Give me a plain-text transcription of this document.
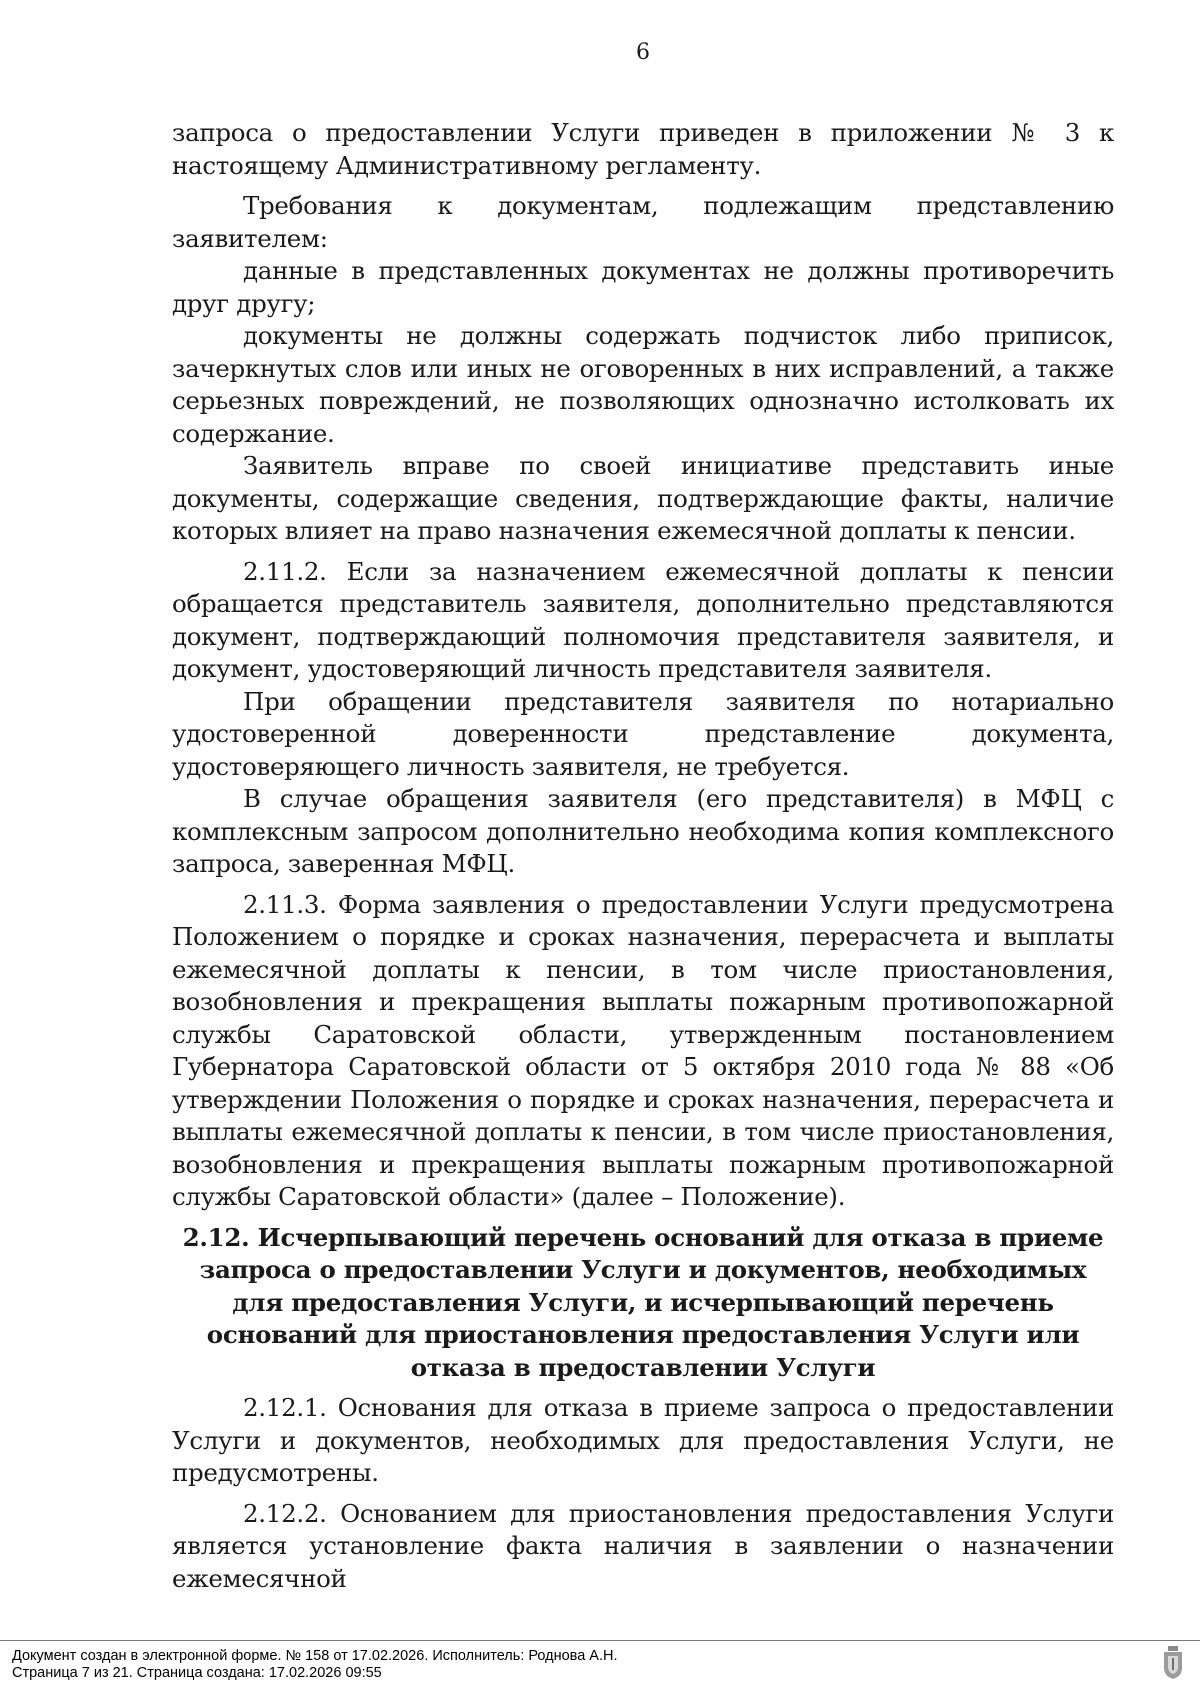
6

запроса о предоставлении Услуги приведен в приложении № 3 к настоящему Административному регламенту.

Требования к документам, подлежащим представлению заявителем:

данные в представленных документах не должны противоречить друг другу;

документы не должны содержать подчисток либо приписок, зачеркнутых слов или иных не оговоренных в них исправлений, а также серьезных повреждений, не позволяющих однозначно истолковать их содержание.

Заявитель вправе по своей инициативе представить иные документы, содержащие сведения, подтверждающие факты, наличие которых влияет на право назначения ежемесячной доплаты к пенсии.

2.11.2. Если за назначением ежемесячной доплаты к пенсии обращается представитель заявителя, дополнительно представляются документ, подтверждающий полномочия представителя заявителя, и документ, удостоверяющий личность представителя заявителя.

При обращении представителя заявителя по нотариально удостоверенной доверенности представление документа, удостоверяющего личность заявителя, не требуется.

В случае обращения заявителя (его представителя) в МФЦ с комплексным запросом дополнительно необходима копия комплексного запроса, заверенная МФЦ.

2.11.3. Форма заявления о предоставлении Услуги предусмотрена Положением о порядке и сроках назначения, перерасчета и выплаты ежемесячной доплаты к пенсии, в том числе приостановления, возобновления и прекращения выплаты пожарным противопожарной службы Саратовской области, утвержденным постановлением Губернатора Саратовской области от 5 октября 2010 года № 88 «Об утверждении Положения о порядке и сроках назначения, перерасчета и выплаты ежемесячной доплаты к пенсии, в том числе приостановления, возобновления и прекращения выплаты пожарным противопожарной службы Саратовской области» (далее – Положение).

2.12. Исчерпывающий перечень оснований для отказа в приеме запроса о предоставлении Услуги и документов, необходимых для предоставления Услуги, и исчерпывающий перечень оснований для приостановления предоставления Услуги или отказа в предоставлении Услуги

2.12.1. Основания для отказа в приеме запроса о предоставлении Услуги и документов, необходимых для предоставления Услуги, не предусмотрены.

2.12.2. Основанием для приостановления предоставления Услуги является установление факта наличия в заявлении о назначении ежемесячной

Документ создан в электронной форме. № 158 от 17.02.2026. Исполнитель: Роднова А.Н.
Страница 7 из 21. Страница создана: 17.02.2026 09:55
